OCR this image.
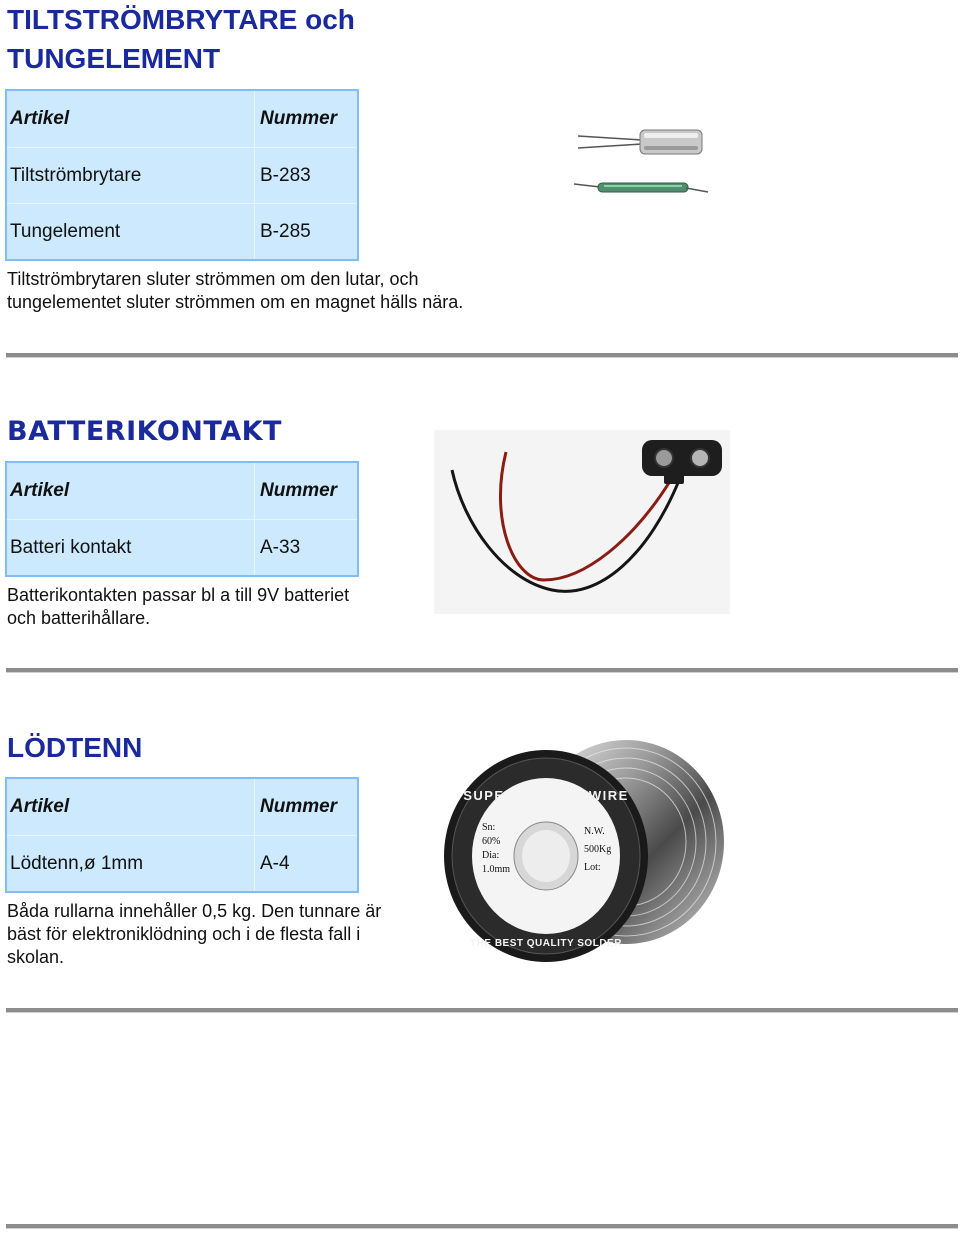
TILTSTRÖMBRYTARE och
TUNGELEMENT
Artikel	Nummer
Tiltströmbrytare	B-283
Tungelement	B-285

Tiltströmbrytaren sluter strömmen om den lutar, och
tungelementet sluter strömmen om en magnet hälls nära.

BATTERIKONTAKT
Artikel	Nummer
Batteri kontakt	A-33

Batterikontakten passar bl a till 9V batteriet
och batterihållare.

LÖDTENN
Artikel	Nummer
Lödtenn,ø 1mm	A-4

Båda rullarna innehåller 0,5 kg. Den tunnare är
bäst för elektroniklödning och i de flesta fall i
skolan.

SUPER SOLDER WIRE
THE BEST QUALITY SOLDER
Sn:
60%
Dia:
1.0mm
N.W.
500Kg
Lot:
